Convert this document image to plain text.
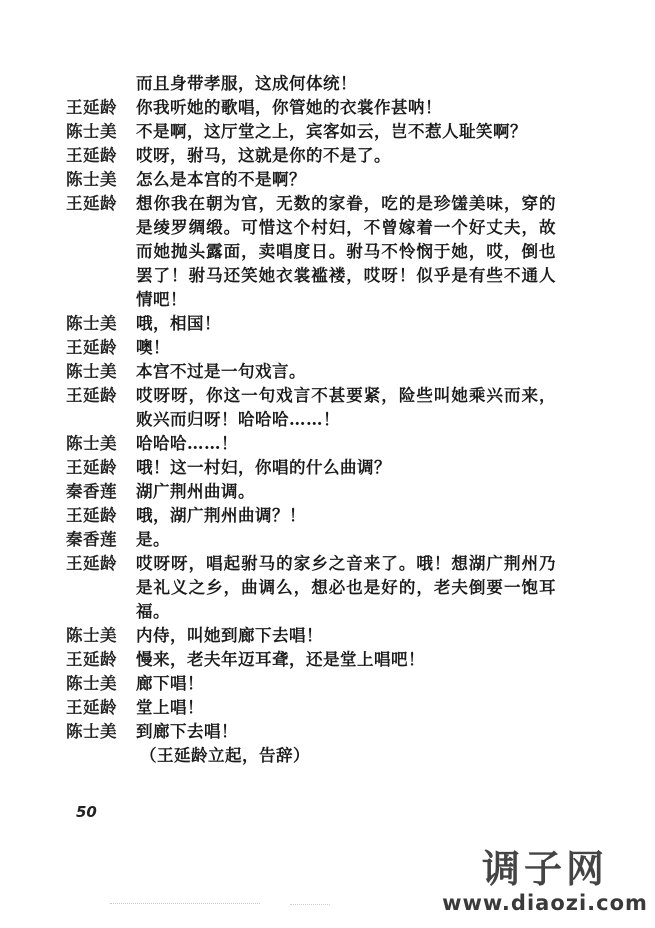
而且身带孝服，这成何体统！
王延龄	你我听她的歌唱，你管她的衣裳作甚呐！
陈士美	不是啊，这厅堂之上，宾客如云，岂不惹人耻笑啊？
王延龄	哎呀，驸马，这就是你的不是了。
陈士美	怎么是本宫的不是啊？
王延龄	想你我在朝为官，无数的家眷，吃的是珍馐美味，穿的是绫罗绸缎。可惜这个村妇，不曾嫁着一个好丈夫，故而她抛头露面，卖唱度日。驸马不怜悯于她，哎，倒也罢了！驸马还笑她衣裳褴褛，哎呀！似乎是有些不通人情吧！
陈士美	哦，相国！
王延龄	噢！
陈士美	本宫不过是一句戏言。
王延龄	哎呀呀，你这一句戏言不甚要紧，险些叫她乘兴而来，败兴而归呀！哈哈哈……！
陈士美	哈哈哈……！
王延龄	哦！这一村妇，你唱的什么曲调？
秦香莲	湖广荆州曲调。
王延龄	哦，湖广荆州曲调？！
秦香莲	是。
王延龄	哎呀呀，唱起驸马的家乡之音来了。哦！想湖广荆州乃是礼义之乡，曲调么，想必也是好的，老夫倒要一饱耳福。
陈士美	内侍，叫她到廊下去唱！
王延龄	慢来，老夫年迈耳聋，还是堂上唱吧！
陈士美	廊下唱！
王延龄	堂上唱！
陈士美	到廊下去唱！
（王延龄立起，告辞）
50
调子网
www.diaozi.com
